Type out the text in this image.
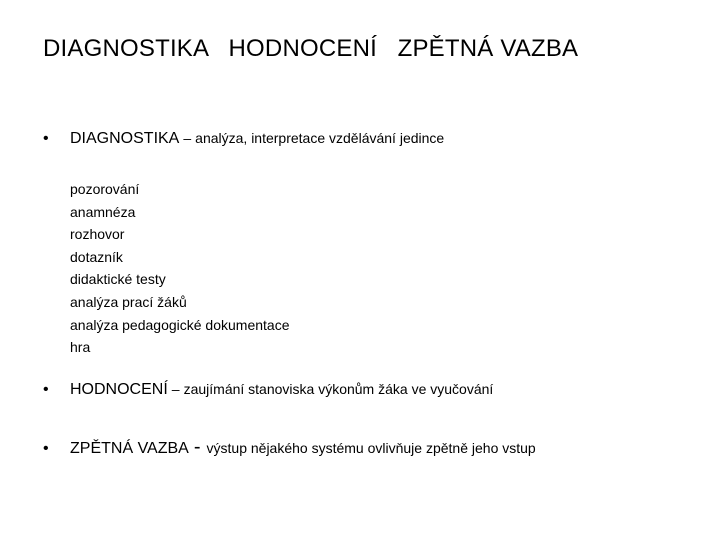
DIAGNOSTIKA   HODNOCENÍ   ZPĚTNÁ VAZBA
•	DIAGNOSTIKA – analýza, interpretace vzdělávání jedince
pozorování
anamnéza
rozhovor
dotazník
didaktické testy
analýza prací žáků
analýza pedagogické dokumentace
hra
•	HODNOCENÍ – zaujímání stanoviska výkonům žáka ve vyučování
•	ZPĚTNÁ VAZBA - výstup nějakého systému ovlivňuje zpětně jeho vstup
